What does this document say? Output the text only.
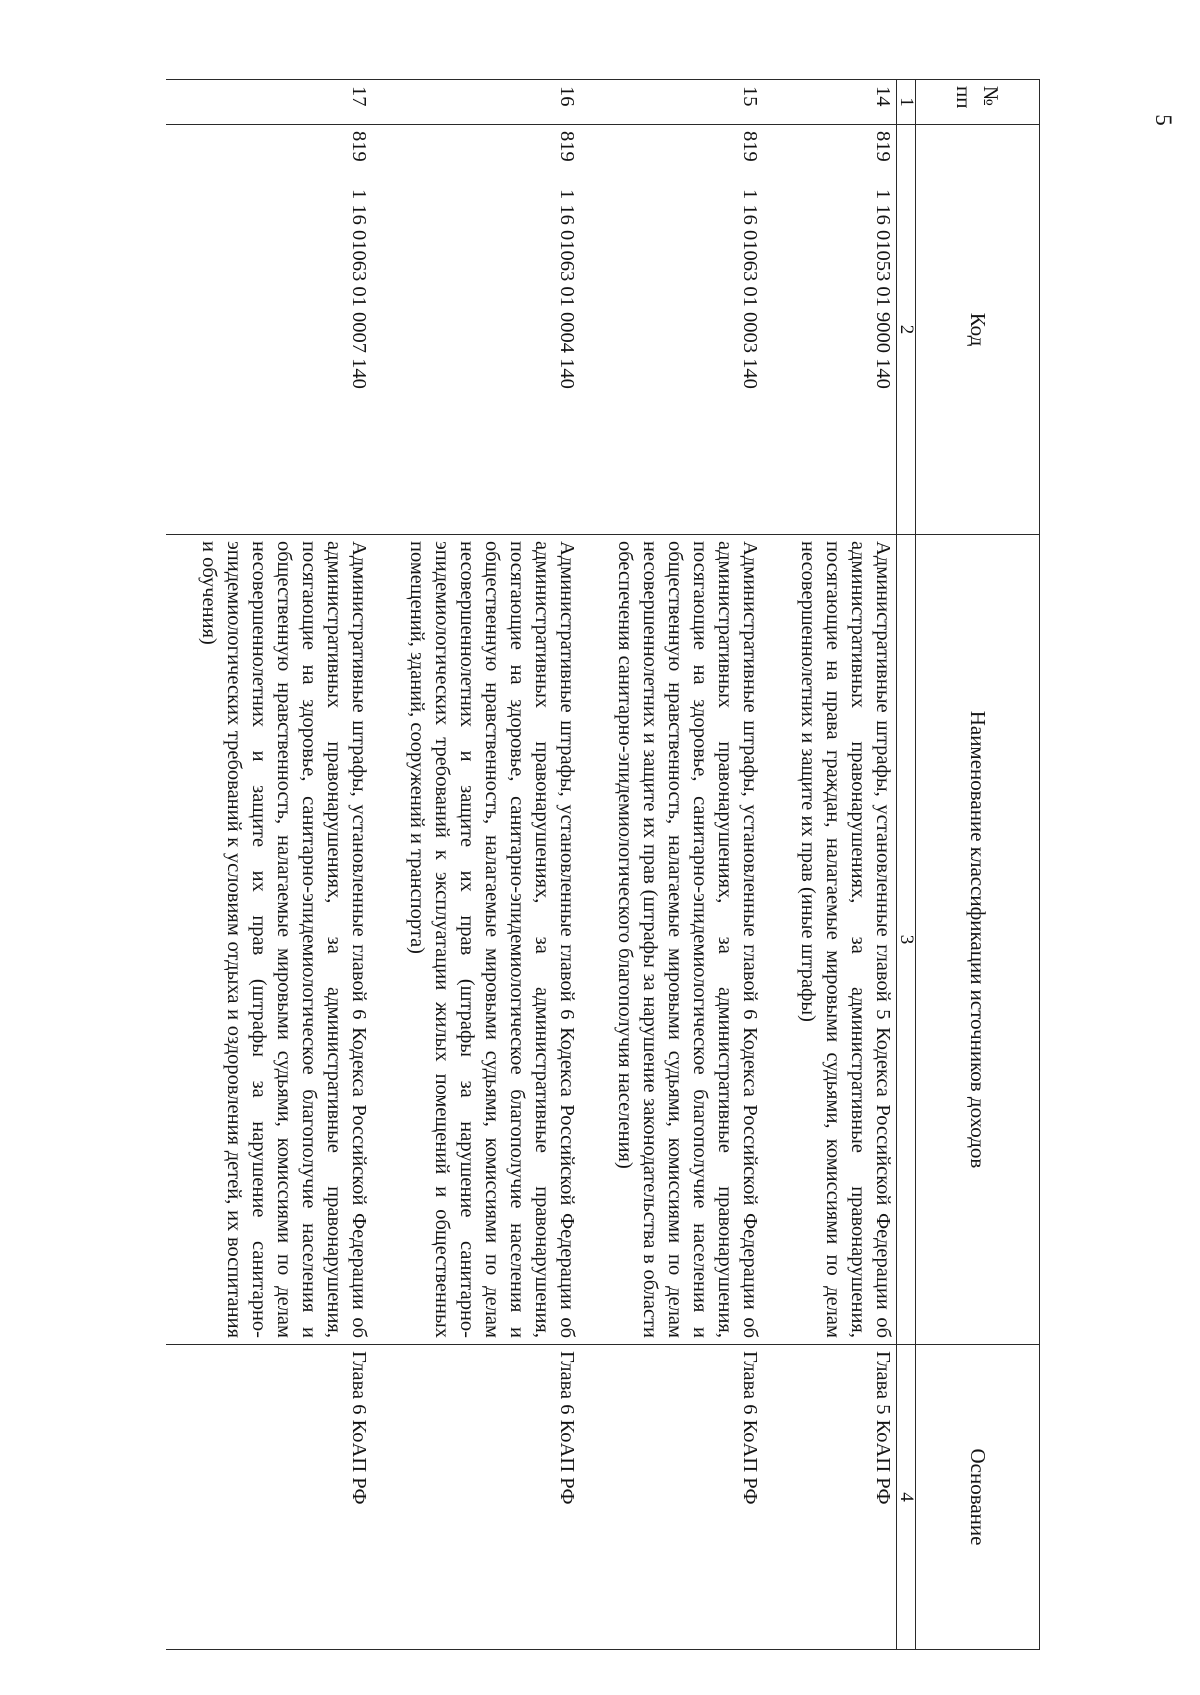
5
№
пп	Код	Наименование классификации источников доходов	Основание
1	2	3	4
14	8191 16 01053 01 9000 140	Административные штрафы, установленные главой 5 Кодекса Российской Федерации об административных правонарушениях, за административные правонарушения, посягающие на права граждан, налагаемые мировыми судьями, комиссиями по делам несовершеннолетних и защите их прав (иные штрафы)	Глава 5 КоАП РФ
15	8191 16 01063 01 0003 140	Административные штрафы, установленные главой 6 Кодекса Российской Федерации об административных правонарушениях, за административные правонарушения, посягающие на здоровье, санитарно-эпидемиологическое благополучие населения и общественную нравственность, налагаемые мировыми судьями, комиссиями по делам несовершеннолетних и защите их прав (штрафы за нарушение законодательства в области обеспечения санитарно-эпидемиологического благополучия населения)	Глава 6 КоАП РФ
16	8191 16 01063 01 0004 140	Административные штрафы, установленные главой 6 Кодекса Российской Федерации об административных правонарушениях, за административные правонарушения, посягающие на здоровье, санитарно-эпидемиологическое благополучие населения и общественную нравственность, налагаемые мировыми судьями, комиссиями по делам несовершеннолетних и защите их прав (штрафы за нарушение санитарно-эпидемиологических требований к эксплуатации жилых помещений и общественных помещений, зданий, сооружений и транспорта)	Глава 6 КоАП РФ
17	8191 16 01063 01 0007 140	Административные штрафы, установленные главой 6 Кодекса Российской Федерации об административных правонарушениях, за административные правонарушения, посягающие на здоровье, санитарно-эпидемиологическое благополучие населения и общественную нравственность, налагаемые мировыми судьями, комиссиями по делам несовершеннолетних и защите их прав (штрафы за нарушение санитарно-эпидемиологических требований к условиям отдыха и оздоровления детей, их воспитания и обучения)	Глава 6 КоАП РФ
